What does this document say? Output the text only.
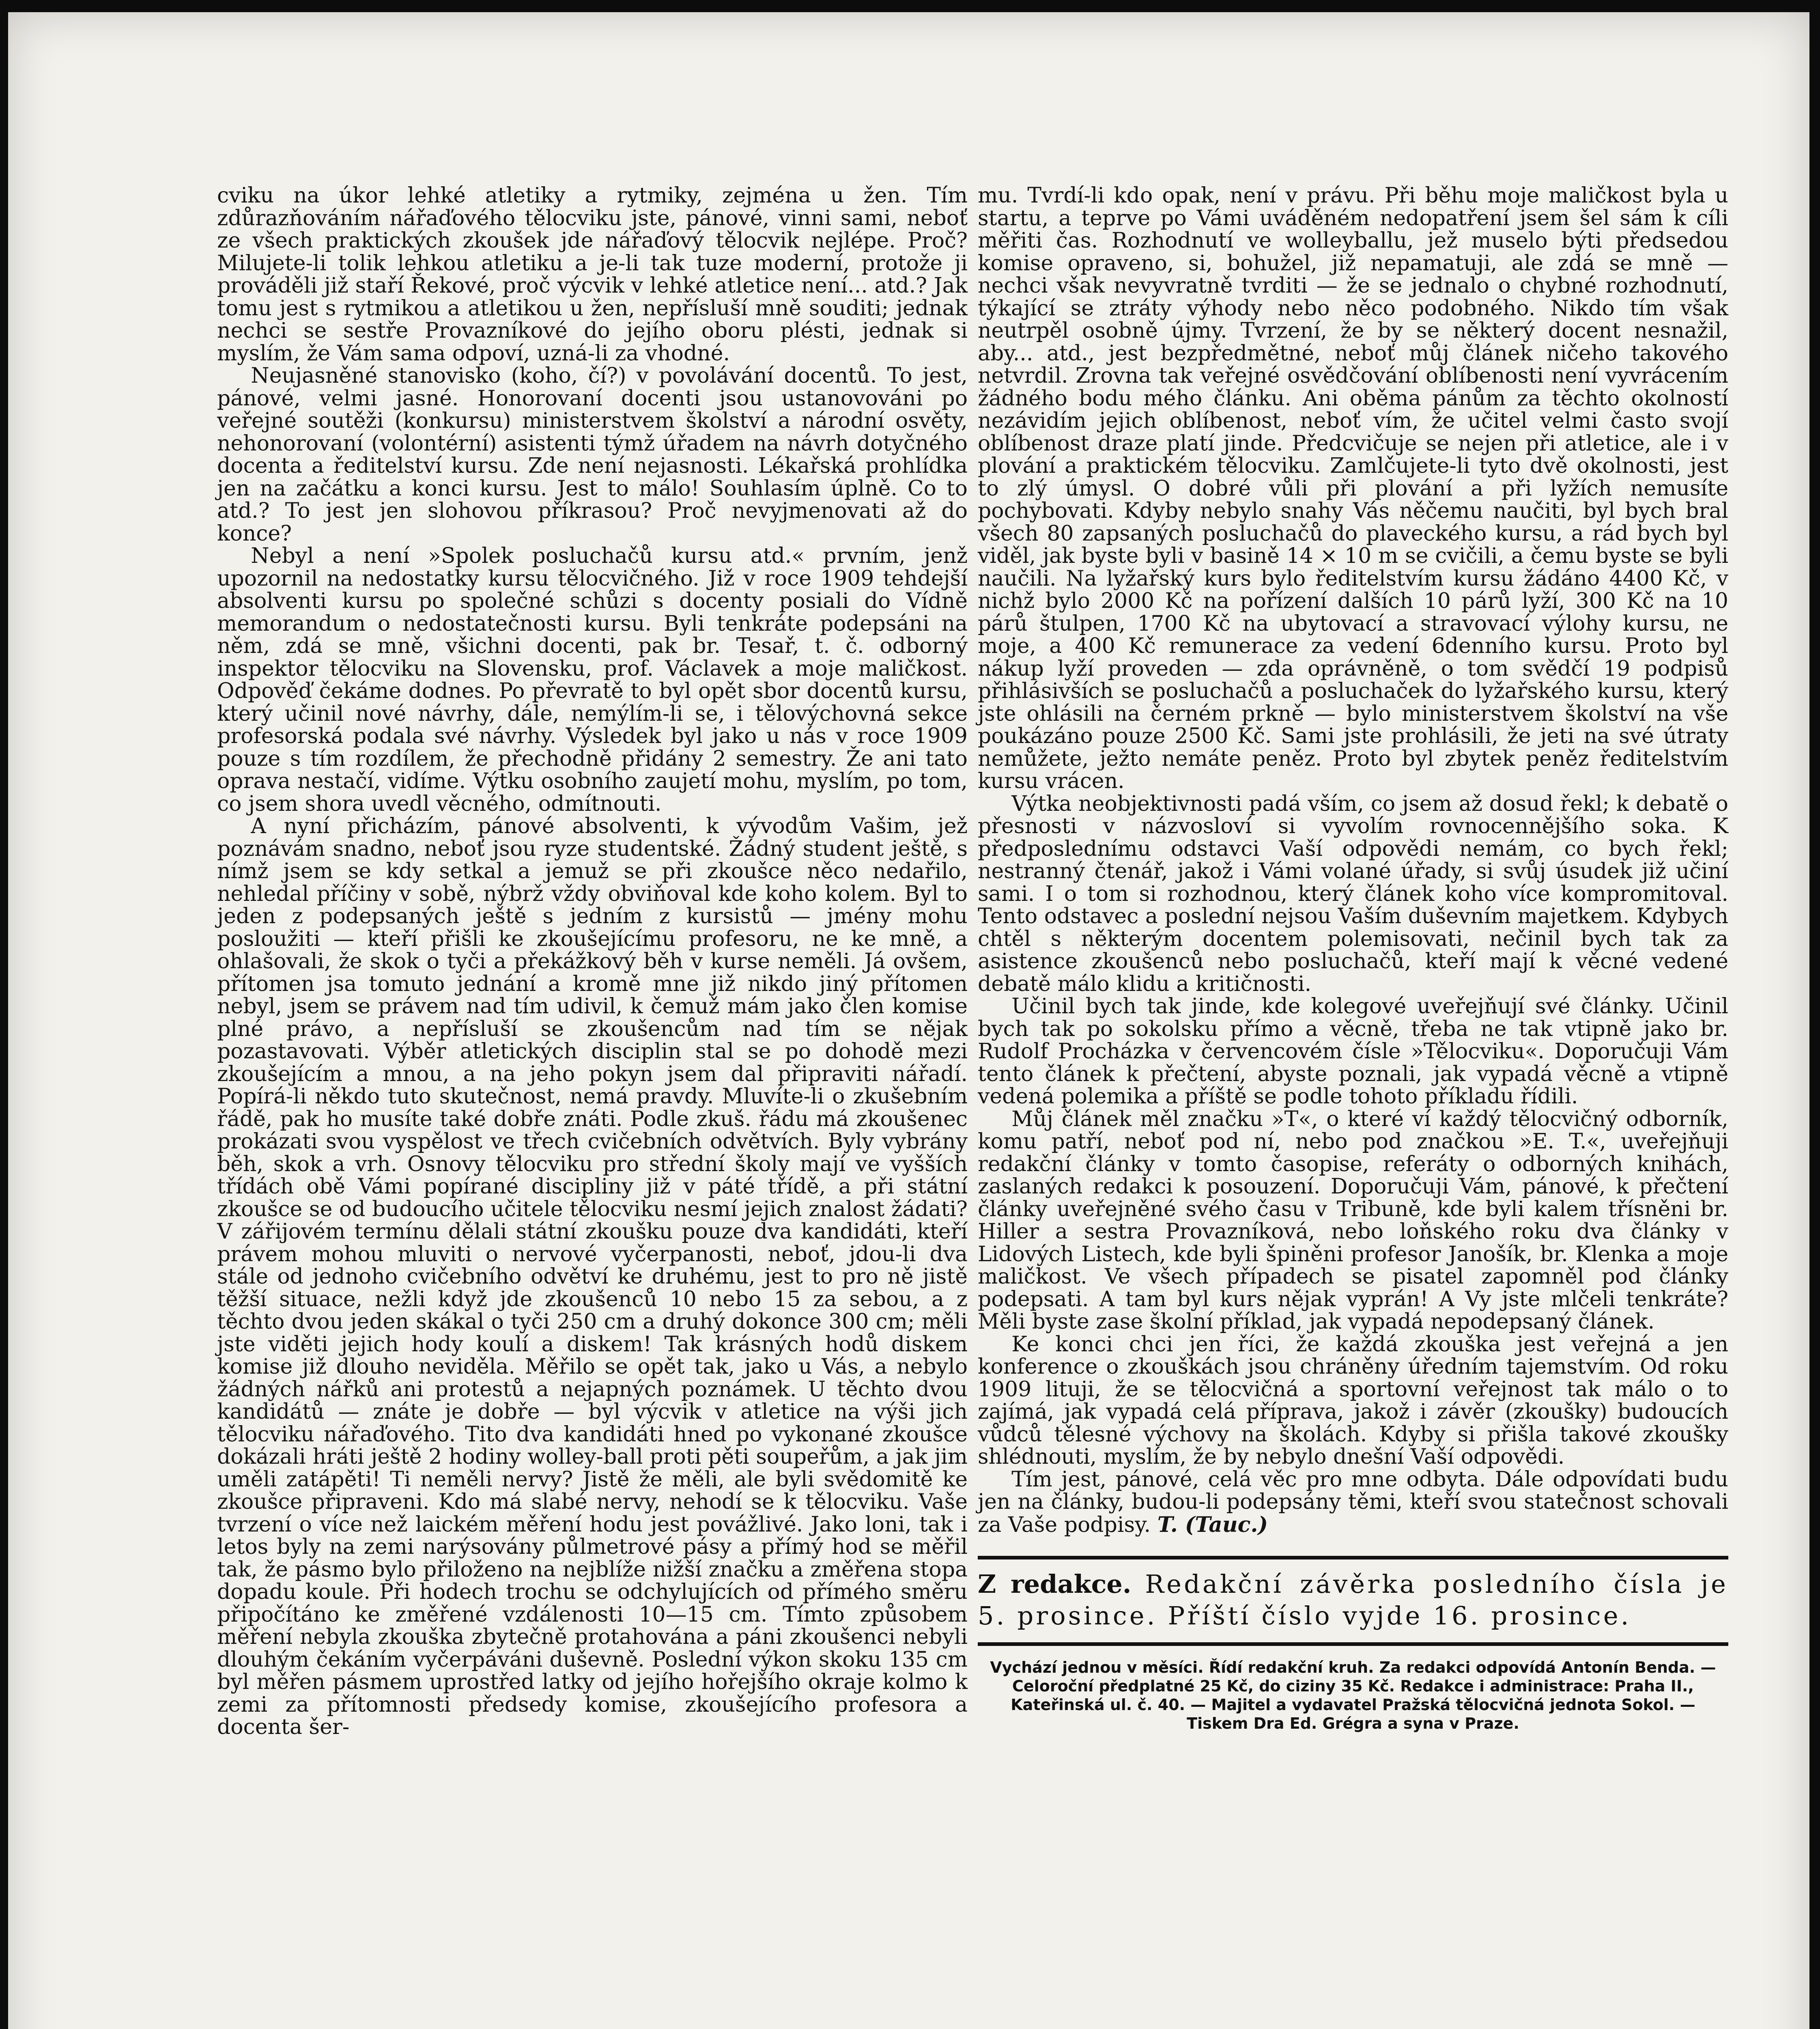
cviku na úkor lehké atletiky a rytmiky, zejména u žen. Tím zdůrazňováním nářaďového tělocviku jste, pánové, vinni sami, neboť ze všech praktických zkoušek jde nářaďový tělocvik nejlépe. Proč? Milujete-li tolik lehkou atletiku a je-li tak tuze moderní, protože ji prováděli již staří Řekové, proč výcvik v lehké atletice není... atd.? Jak tomu jest s rytmikou a atletikou u žen, nepřísluší mně souditi; jednak nechci se sestře Provazníkové do jejího oboru plésti, jednak si myslím, že Vám sama odpoví, uzná-li za vhodné.

Neujasněné stanovisko (koho, čí?) v povolávání docentů. To jest, pánové, velmi jasné. Honorovaní docenti jsou ustanovováni po veřejné soutěži (konkursu) ministerstvem školství a národní osvěty, nehonorovaní (volontérní) asistenti týmž úřadem na návrh dotyčného docenta a ředitelství kursu. Zde není nejasnosti. Lékařská prohlídka jen na začátku a konci kursu. Jest to málo! Souhlasím úplně. Co to atd.? To jest jen slohovou příkrasou? Proč nevyjmenovati až do konce?

Nebyl a není »Spolek posluchačů kursu atd.« prvním, jenž upozornil na nedostatky kursu tělocvičného. Již v roce 1909 tehdejší absolventi kursu po společné schůzi s docenty posiali do Vídně memorandum o nedostatečnosti kursu. Byli tenkráte podepsáni na něm, zdá se mně, všichni docenti, pak br. Tesař, t. č. odborný inspektor tělocviku na Slovensku, prof. Václavek a moje maličkost. Odpověď čekáme dodnes. Po převratě to byl opět sbor docentů kursu, který učinil nové návrhy, dále, nemýlím-li se, i tělovýchovná sekce profesorská podala své návrhy. Výsledek byl jako u nás v roce 1909 pouze s tím rozdílem, že přechodně přidány 2 semestry. Že ani tato oprava nestačí, vidíme. Výtku osobního zaujetí mohu, myslím, po tom, co jsem shora uvedl věcného, odmítnouti.

A nyní přicházím, pánové absolventi, k vývodům Vašim, jež poznávám snadno, neboť jsou ryze studentské. Žádný student ještě, s nímž jsem se kdy setkal a jemuž se při zkoušce něco nedařilo, nehledal příčiny v sobě, nýbrž vždy obviňoval kde koho kolem. Byl to jeden z podepsaných ještě s jedním z kursistů — jmény mohu posloužiti — kteří přišli ke zkoušejícímu profesoru, ne ke mně, a ohlašovali, že skok o tyči a překážkový běh v kurse neměli. Já ovšem, přítomen jsa tomuto jednání a kromě mne již nikdo jiný přítomen nebyl, jsem se právem nad tím udivil, k čemuž mám jako člen komise plné právo, a nepřísluší se zkoušencům nad tím se nějak pozastavovati. Výběr atletických disciplin stal se po dohodě mezi zkoušejícím a mnou, a na jeho pokyn jsem dal připraviti nářadí. Popírá-li někdo tuto skutečnost, nemá pravdy. Mluvíte-li o zkušebním řádě, pak ho musíte také dobře znáti. Podle zkuš. řádu má zkoušenec prokázati svou vyspělost ve třech cvičebních odvětvích. Byly vybrány běh, skok a vrh. Osnovy tělocviku pro střední školy mají ve vyšších třídách obě Vámi popírané discipliny již v páté třídě, a při státní zkoušce se od budoucího učitele tělocviku nesmí jejich znalost žádati? V zářijovém termínu dělali státní zkoušku pouze dva kandidáti, kteří právem mohou mluviti o nervové vyčerpanosti, neboť, jdou-li dva stále od jednoho cvičebního odvětví ke druhému, jest to pro ně jistě těžší situace, nežli když jde zkoušenců 10 nebo 15 za sebou, a z těchto dvou jeden skákal o tyči 250 cm a druhý dokonce 300 cm; měli jste viděti jejich hody koulí a diskem! Tak krásných hodů diskem komise již dlouho neviděla. Měřilo se opět tak, jako u Vás, a nebylo žádných nářků ani protestů a nejapných poznámek. U těchto dvou kandidátů — znáte je dobře — byl výcvik v atletice na výši jich tělocviku nářaďového. Tito dva kandidáti hned po vykonané zkoušce dokázali hráti ještě 2 hodiny wolley-ball proti pěti soupeřům, a jak jim uměli zatápěti! Ti neměli nervy? Jistě že měli, ale byli svědomitě ke zkoušce připraveni. Kdo má slabé nervy, nehodí se k tělocviku. Vaše tvrzení o více než laickém měření hodu jest povážlivé. Jako loni, tak i letos byly na zemi narýsovány půlmetrové pásy a přímý hod se měřil tak, že pásmo bylo přiloženo na nejblíže nižší značku a změřena stopa dopadu koule. Při hodech trochu se odchylujících od přímého směru připočítáno ke změřené vzdálenosti 10—15 cm. Tímto způsobem měření nebyla zkouška zbytečně protahována a páni zkoušenci nebyli dlouhým čekáním vyčerpáváni duševně. Poslední výkon skoku 135 cm byl měřen pásmem uprostřed latky od jejího hořejšího okraje kolmo k zemi za přítomnosti předsedy komise, zkoušejícího profesora a docenta šer-

mu. Tvrdí-li kdo opak, není v právu. Při běhu moje maličkost byla u startu, a teprve po Vámi uváděném nedopatření jsem šel sám k cíli měřiti čas. Rozhodnutí ve wolleyballu, jež muselo býti předsedou komise opraveno, si, bohužel, již nepamatuji, ale zdá se mně — nechci však nevyvratně tvrditi — že se jednalo o chybné rozhodnutí, týkající se ztráty výhody nebo něco podobného. Nikdo tím však neutrpěl osobně újmy. Tvrzení, že by se některý docent nesnažil, aby... atd., jest bezpředmětné, neboť můj článek ničeho takového netvrdil. Zrovna tak veřejné osvědčování oblíbenosti není vyvrácením žádného bodu mého článku. Ani oběma pánům za těchto okolností nezávidím jejich oblíbenost, neboť vím, že učitel velmi často svojí oblíbenost draze platí jinde. Předcvičuje se nejen při atletice, ale i v plování a praktickém tělocviku. Zamlčujete-li tyto dvě okolnosti, jest to zlý úmysl. O dobré vůli při plování a při lyžích nemusíte pochybovati. Kdyby nebylo snahy Vás něčemu naučiti, byl bych bral všech 80 zapsaných posluchačů do plaveckého kursu, a rád bych byl viděl, jak byste byli v basině 14 × 10 m se cvičili, a čemu byste se byli naučili. Na lyžařský kurs bylo ředitelstvím kursu žádáno 4400 Kč, v nichž bylo 2000 Kč na pořízení dalších 10 párů lyží, 300 Kč na 10 párů štulpen, 1700 Kč na ubytovací a stravovací výlohy kursu, ne moje, a 400 Kč remunerace za vedení 6denního kursu. Proto byl nákup lyží proveden — zda oprávněně, o tom svědčí 19 podpisů přihlásivších se posluchačů a posluchaček do lyžařského kursu, který jste ohlásili na černém prkně — bylo ministerstvem školství na vše poukázáno pouze 2500 Kč. Sami jste prohlásili, že jeti na své útraty nemůžete, ježto nemáte peněz. Proto byl zbytek peněz ředitelstvím kursu vrácen.

Výtka neobjektivnosti padá vším, co jsem až dosud řekl; k debatě o přesnosti v názvosloví si vyvolím rovnocennějšího soka. K předposlednímu odstavci Vaší odpovědi nemám, co bych řekl; nestranný čtenář, jakož i Vámi volané úřady, si svůj úsudek již učiní sami. I o tom si rozhodnou, který článek koho více kompromitoval. Tento odstavec a poslední nejsou Vaším duševním majetkem. Kdybych chtěl s některým docentem polemisovati, nečinil bych tak za asistence zkoušenců nebo posluchačů, kteří mají k věcné vedené debatě málo klidu a kritičnosti.

Učinil bych tak jinde, kde kolegové uveřejňují své články. Učinil bych tak po sokolsku přímo a věcně, třeba ne tak vtipně jako br. Rudolf Procházka v červencovém čísle »Tělocviku«. Doporučuji Vám tento článek k přečtení, abyste poznali, jak vypadá věcně a vtipně vedená polemika a příště se podle tohoto příkladu řídili.

Můj článek měl značku »T«, o které ví každý tělocvičný odborník, komu patří, neboť pod ní, nebo pod značkou »E. T.«, uveřejňuji redakční články v tomto časopise, referáty o odborných knihách, zaslaných redakci k posouzení. Doporučuji Vám, pánové, k přečtení články uveřejněné svého času v Tribuně, kde byli kalem třísněni br. Hiller a sestra Provazníková, nebo loňského roku dva články v Lidových Listech, kde byli špiněni profesor Janošík, br. Klenka a moje maličkost. Ve všech případech se pisatel zapomněl pod články podepsati. A tam byl kurs nějak vyprán! A Vy jste mlčeli tenkráte? Měli byste zase školní příklad, jak vypadá nepodepsaný článek.

Ke konci chci jen říci, že každá zkouška jest veřejná a jen konference o zkouškách jsou chráněny úředním tajemstvím. Od roku 1909 lituji, že se tělocvičná a sportovní veřejnost tak málo o to zajímá, jak vypadá celá příprava, jakož i závěr (zkoušky) budoucích vůdců tělesné výchovy na školách. Kdyby si přišla takové zkoušky shlédnouti, myslím, že by nebylo dnešní Vaší odpovědi.

Tím jest, pánové, celá věc pro mne odbyta. Dále odpovídati budu jen na články, budou-li podepsány těmi, kteří svou statečnost schovali za Vaše podpisy. T. (Tauc.)

Z redakce. Redakční závěrka posledního čísla je 5. prosince. Příští číslo vyjde 16. prosince.
Vychází jednou v měsíci. Řídí redakční kruh. Za redakci odpovídá Antonín Benda. — Celoroční předplatné 25 Kč, do ciziny 35 Kč. Redakce i administrace: Praha II., Kateřinská ul. č. 40. — Majitel a vydavatel Pražská tělocvičná jednota Sokol. — Tiskem Dra Ed. Grégra a syna v Praze.
